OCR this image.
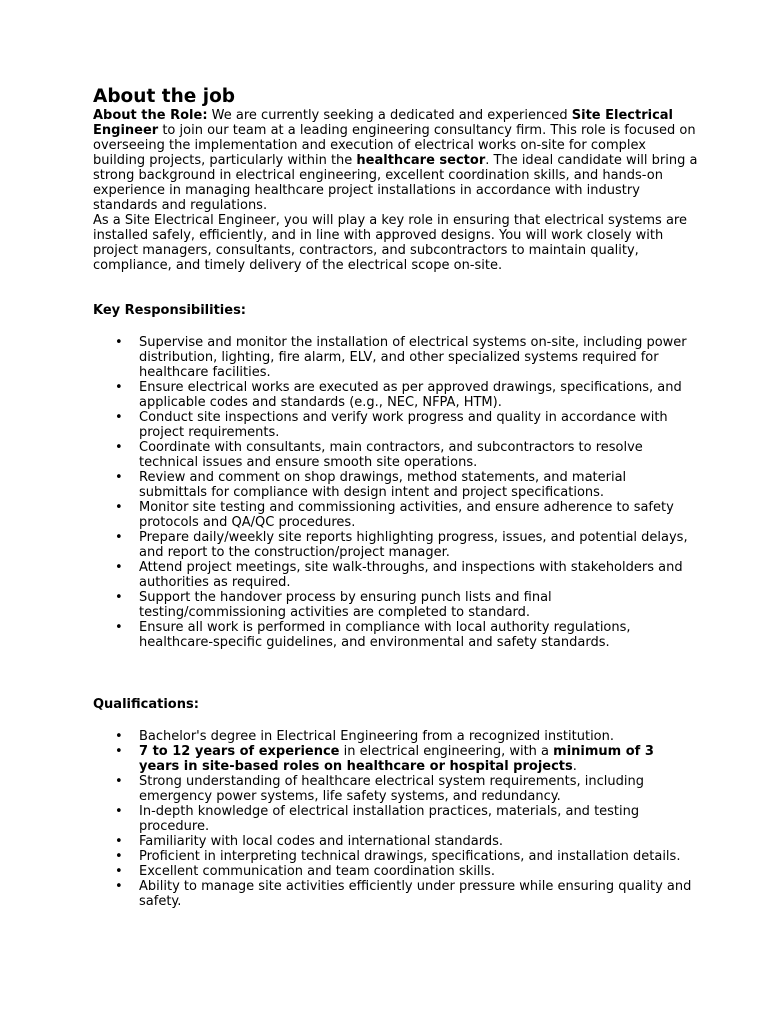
About the job

About the Role: We are currently seeking a dedicated and experienced Site Electrical Engineer to join our team at a leading engineering consultancy firm. This role is focused on overseeing the implementation and execution of electrical works on-site for complex building projects, particularly within the healthcare sector. The ideal candidate will bring a strong background in electrical engineering, excellent coordination skills, and hands-on experience in managing healthcare project installations in accordance with industry standards and regulations.

As a Site Electrical Engineer, you will play a key role in ensuring that electrical systems are installed safely, efficiently, and in line with approved designs. You will work closely with project managers, consultants, contractors, and subcontractors to maintain quality, compliance, and timely delivery of the electrical scope on-site.

Key Responsibilities:

• Supervise and monitor the installation of electrical systems on-site, including power distribution, lighting, fire alarm, ELV, and other specialized systems required for healthcare facilities.
• Ensure electrical works are executed as per approved drawings, specifications, and applicable codes and standards (e.g., NEC, NFPA, HTM).
• Conduct site inspections and verify work progress and quality in accordance with project requirements.
• Coordinate with consultants, main contractors, and subcontractors to resolve technical issues and ensure smooth site operations.
• Review and comment on shop drawings, method statements, and material submittals for compliance with design intent and project specifications.
• Monitor site testing and commissioning activities, and ensure adherence to safety protocols and QA/QC procedures.
• Prepare daily/weekly site reports highlighting progress, issues, and potential delays, and report to the construction/project manager.
• Attend project meetings, site walk-throughs, and inspections with stakeholders and authorities as required.
• Support the handover process by ensuring punch lists and final testing/commissioning activities are completed to standard.
• Ensure all work is performed in compliance with local authority regulations, healthcare-specific guidelines, and environmental and safety standards.

Qualifications:

• Bachelor's degree in Electrical Engineering from a recognized institution.
• 7 to 12 years of experience in electrical engineering, with a minimum of 3 years in site-based roles on healthcare or hospital projects.
• Strong understanding of healthcare electrical system requirements, including emergency power systems, life safety systems, and redundancy.
• In-depth knowledge of electrical installation practices, materials, and testing procedure.
• Familiarity with local codes and international standards.
• Proficient in interpreting technical drawings, specifications, and installation details.
• Excellent communication and team coordination skills.
• Ability to manage site activities efficiently under pressure while ensuring quality and safety.
